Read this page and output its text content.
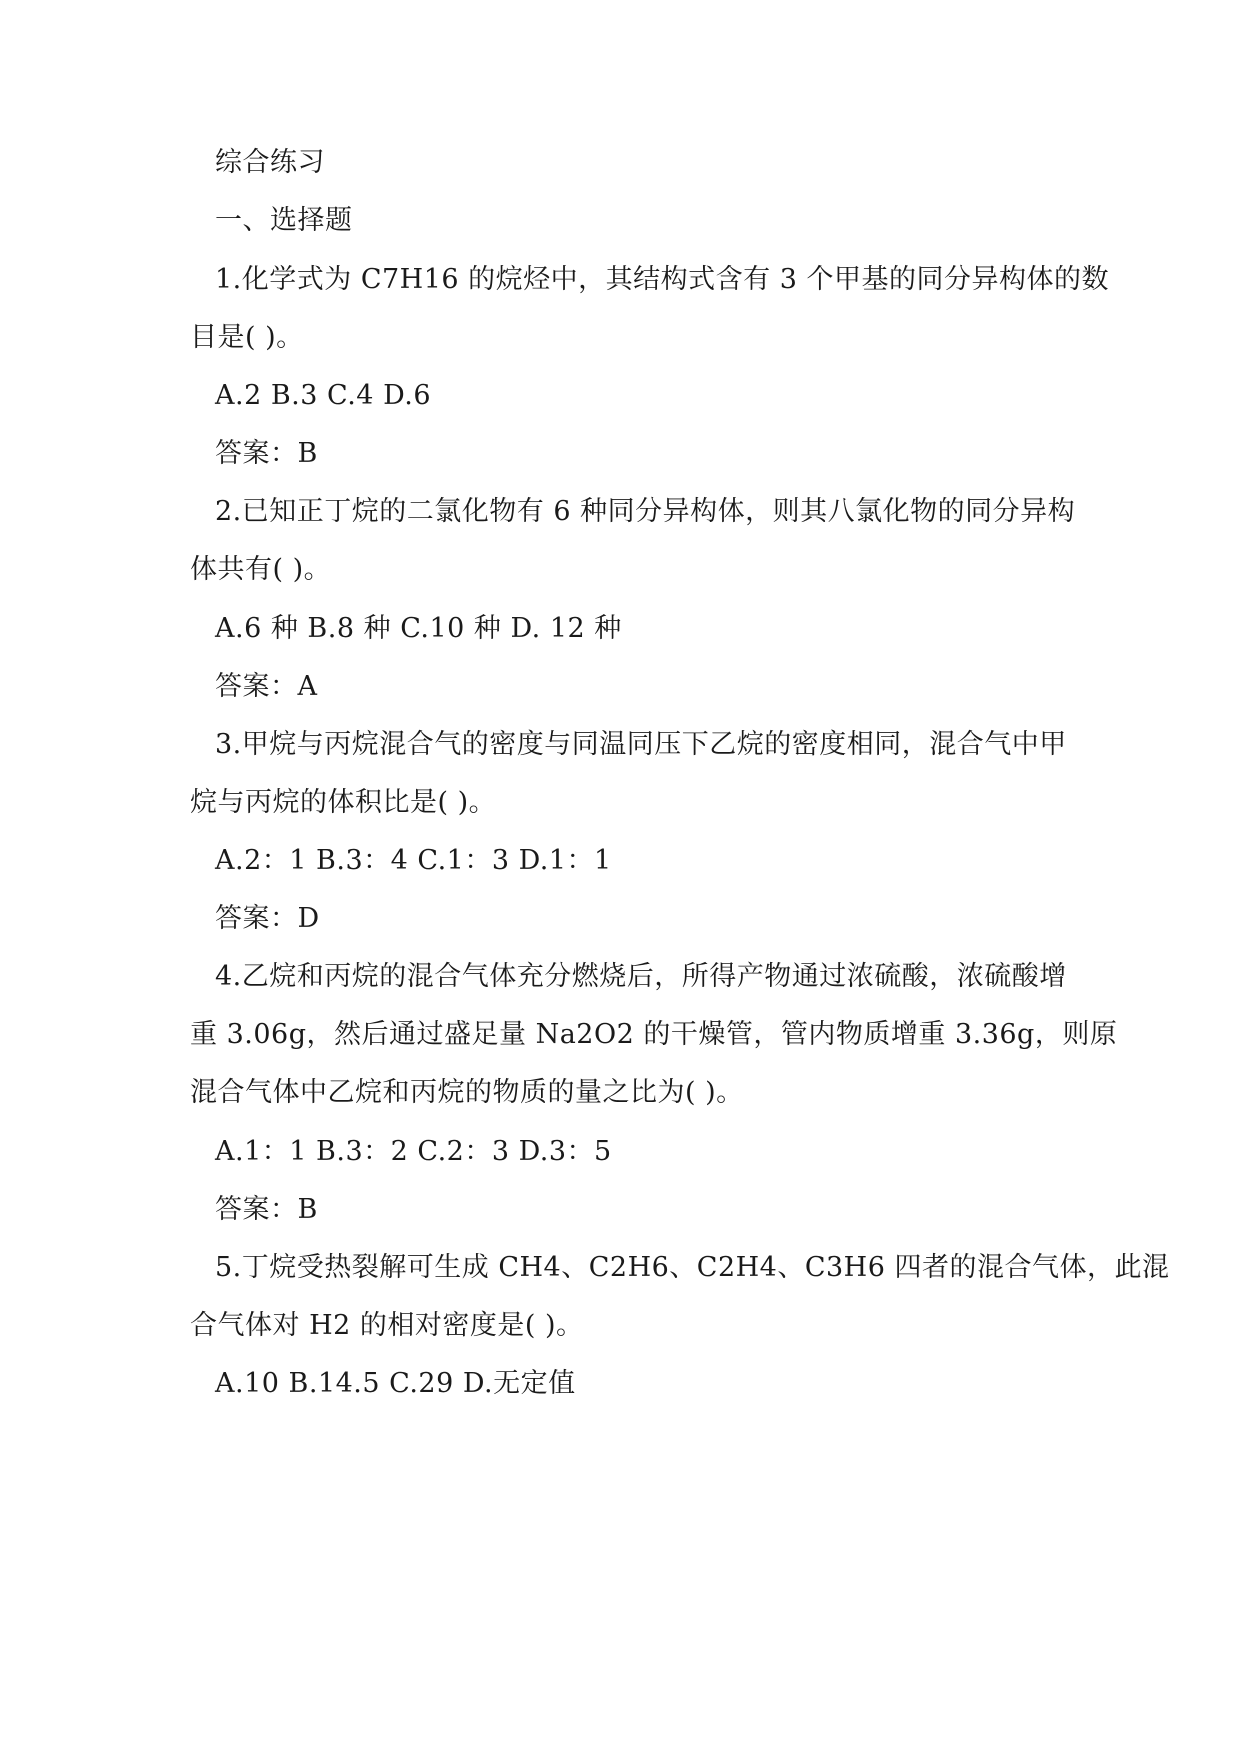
综合练习
一、选择题
1.化学式为 C7H16 的烷烃中，其结构式含有 3 个甲基的同分异构体的数
目是( )。
A.2 B.3 C.4 D.6
答案：B
2.已知正丁烷的二氯化物有 6 种同分异构体，则其八氯化物的同分异构
体共有( )。
A.6 种 B.8 种 C.10 种 D. 12 种
答案：A
3.甲烷与丙烷混合气的密度与同温同压下乙烷的密度相同，混合气中甲
烷与丙烷的体积比是( )。
A.2：1 B.3：4 C.1：3 D.1：1
答案：D
4.乙烷和丙烷的混合气体充分燃烧后，所得产物通过浓硫酸，浓硫酸增
重 3.06g，然后通过盛足量 Na2O2 的干燥管，管内物质增重 3.36g，则原
混合气体中乙烷和丙烷的物质的量之比为( )。
A.1：1 B.3：2 C.2：3 D.3：5
答案：B
5.丁烷受热裂解可生成 CH4、C2H6、C2H4、C3H6 四者的混合气体，此混
合气体对 H2 的相对密度是( )。
A.10 B.14.5 C.29 D.无定值
